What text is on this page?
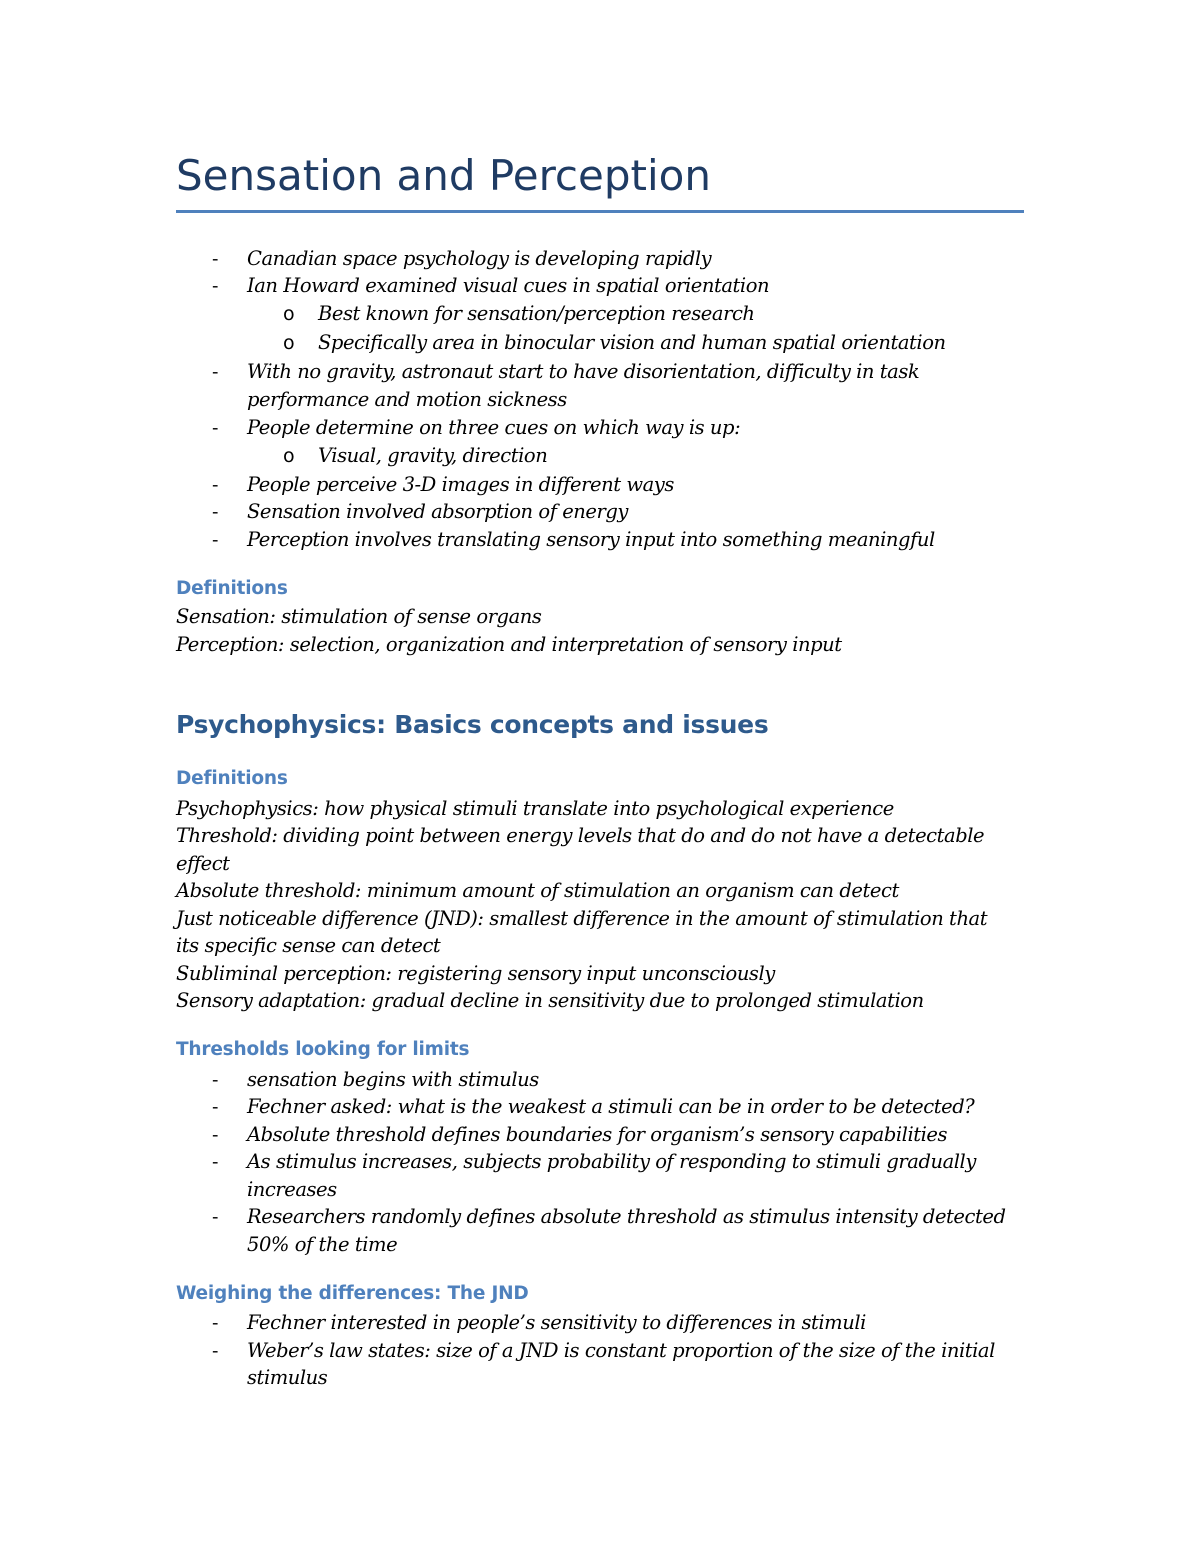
Sensation and Perception
- Canadian space psychology is developing rapidly
- Ian Howard examined visual cues in spatial orientation
o Best known for sensation/perception research
o Specifically area in binocular vision and human spatial orientation
- With no gravity, astronaut start to have disorientation, difficulty in task
performance and motion sickness
- People determine on three cues on which way is up:
o Visual, gravity, direction
- People perceive 3-D images in different ways
- Sensation involved absorption of energy
- Perception involves translating sensory input into something meaningful
Definitions
Sensation: stimulation of sense organs
Perception: selection, organization and interpretation of sensory input
Psychophysics: Basics concepts and issues
Definitions
Psychophysics: how physical stimuli translate into psychological experience
Threshold: dividing point between energy levels that do and do not have a detectable
effect
Absolute threshold: minimum amount of stimulation an organism can detect
Just noticeable difference (JND): smallest difference in the amount of stimulation that
its specific sense can detect
Subliminal perception: registering sensory input unconsciously
Sensory adaptation: gradual decline in sensitivity due to prolonged stimulation
Thresholds looking for limits
- sensation begins with stimulus
- Fechner asked: what is the weakest a stimuli can be in order to be detected?
- Absolute threshold defines boundaries for organism’s sensory capabilities
- As stimulus increases, subjects probability of responding to stimuli gradually
increases
- Researchers randomly defines absolute threshold as stimulus intensity detected
50% of the time
Weighing the differences: The JND
- Fechner interested in people’s sensitivity to differences in stimuli
- Weber’s law states: size of a JND is constant proportion of the size of the initial
stimulus
